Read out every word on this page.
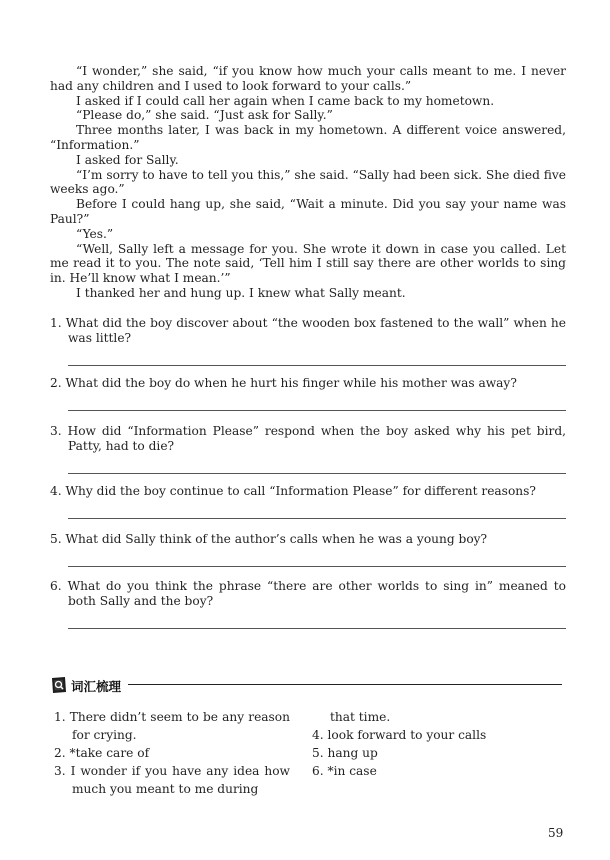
“I wonder,” she said, “if you know how much your calls meant to me. I never had any children and I used to look forward to your calls.”

I asked if I could call her again when I came back to my hometown.

“Please do,” she said. “Just ask for Sally.”

Three months later, I was back in my hometown. A different voice answered, “Information.”

I asked for Sally.

“I’m sorry to have to tell you this,” she said. “Sally had been sick. She died five weeks ago.”

Before I could hang up, she said, “Wait a minute. Did you say your name was Paul?”

“Yes.”

“Well, Sally left a message for you. She wrote it down in case you called. Let me read it to you. The note said, ‘Tell him I still say there are other worlds to sing in. He’ll know what I mean.’”

I thanked her and hung up. I knew what Sally meant.

1. What did the boy discover about “the wooden box fastened to the wall” when he was little?
2. What did the boy do when he hurt his finger while his mother was away?
3. How did “Information Please” respond when the boy asked why his pet bird, Patty, had to die?
4. Why did the boy continue to call “Information Please” for different reasons?
5. What did Sally think of the author’s calls when he was a young boy?
6. What do you think the phrase “there are other worlds to sing in” meaned to both Sally and the boy?
词汇梳理
1. There didn’t seem to be any reason for crying.
2. *take care of
3. I wonder if you have any idea how much you meant to me during
that time.
4. look forward to your calls
5. hang up
6. *in case
59
